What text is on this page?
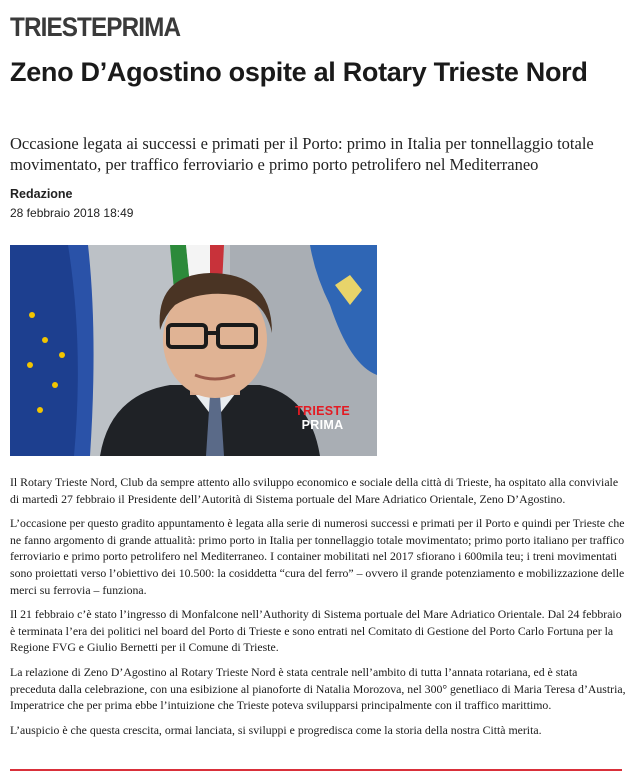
TRIESTEPRIMA
Zeno D’Agostino ospite al Rotary Trieste Nord
Occasione legata ai successi e primati per il Porto: primo in Italia per tonnellaggio totale movimentato, per traffico ferroviario e primo porto petrolifero nel Mediterraneo
Redazione
28 febbraio 2018 18:49
TRIESTE
PRIMA

Il Rotary Trieste Nord, Club da sempre attento allo sviluppo economico e sociale della città di Trieste, ha ospitato alla conviviale di martedì 27 febbraio il Presidente dell’Autorità di Sistema portuale del Mare Adriatico Orientale, Zeno D’Agostino.

L’occasione per questo gradito appuntamento è legata alla serie di numerosi successi e primati per il Porto e quindi per Trieste che ne fanno argomento di grande attualità: primo porto in Italia per tonnellaggio totale movimentato; primo porto italiano per traffico ferroviario e primo porto petrolifero nel Mediterraneo. I container mobilitati nel 2017 sfiorano i 600mila teu; i treni movimentati sono proiettati verso l’obiettivo dei 10.500: la cosiddetta “cura del ferro” – ovvero il grande potenziamento e mobilizzazione delle merci su ferrovia – funziona.

Il 21 febbraio c’è stato l’ingresso di Monfalcone nell’Authority di Sistema portuale del Mare Adriatico Orientale. Dal 24 febbraio è terminata l’era dei politici nel board del Porto di Trieste e sono entrati nel Comitato di Gestione del Porto Carlo Fortuna per la Regione FVG e Giulio Bernetti per il Comune di Trieste.

La relazione di Zeno D’Agostino al Rotary Trieste Nord è stata centrale nell’ambito di tutta l’annata rotariana, ed è stata preceduta dalla celebrazione, con una esibizione al pianoforte di Natalia Morozova, nel 300° genetliaco di Maria Teresa d’Austria, Imperatrice che per prima ebbe l’intuizione che Trieste poteva svilupparsi principalmente con il traffico marittimo.

L’auspicio è che questa crescita, ormai lanciata, si sviluppi e progredisca come la storia della nostra Città merita.
